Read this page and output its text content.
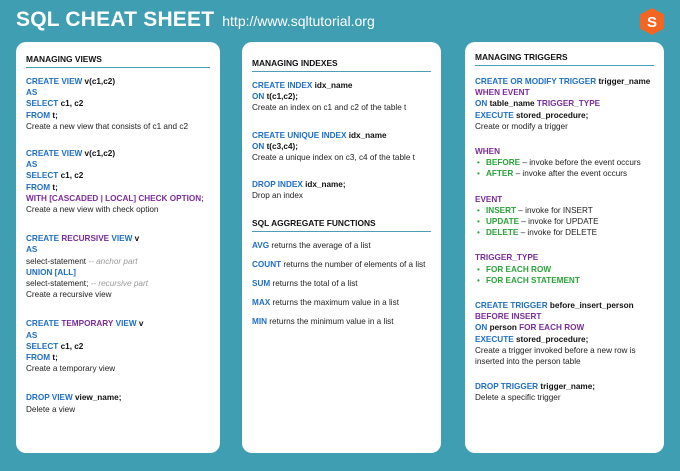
SQL CHEAT SHEET http://www.sqltutorial.org	S
MANAGING VIEWS
CREATE VIEW v(c1,c2)
AS
SELECT c1, c2
FROM t;
Create a new view that consists of c1 and c2
CREATE VIEW v(c1,c2)
AS
SELECT c1, c2
FROM t;
WITH [CASCADED | LOCAL] CHECK OPTION;
Create a new view with check option
CREATE RECURSIVE VIEW v
AS
select-statement -- anchor part
UNION [ALL]
select-statement; -- recursive part
Create a recursive view
CREATE TEMPORARY VIEW v
AS
SELECT c1, c2
FROM t;
Create a temporary view
DROP VIEW view_name;
Delete a view
MANAGING INDEXES
CREATE INDEX idx_name
ON t(c1,c2);
Create an index on c1 and c2 of the table t
CREATE UNIQUE INDEX idx_name
ON t(c3,c4);
Create a unique index on c3, c4 of the table t
DROP INDEX idx_name;
Drop an index
SQL AGGREGATE FUNCTIONS
AVG returns the average of a list
COUNT returns the number of elements of a list
SUM returns the total of a list
MAX returns the maximum value in a list
MIN returns the minimum value in a list
MANAGING TRIGGERS
CREATE OR MODIFY TRIGGER trigger_name
WHEN EVENT
ON table_name TRIGGER_TYPE
EXECUTE stored_procedure;
Create or modify a trigger
WHEN
• BEFORE – invoke before the event occurs
• AFTER – invoke after the event occurs
EVENT
• INSERT – invoke for INSERT
• UPDATE – invoke for UPDATE
• DELETE – invoke for DELETE
TRIGGER_TYPE
• FOR EACH ROW
• FOR EACH STATEMENT
CREATE TRIGGER before_insert_person
BEFORE INSERT
ON person FOR EACH ROW
EXECUTE stored_procedure;
Create a trigger invoked before a new row is
inserted into the person table
DROP TRIGGER trigger_name;
Delete a specific trigger
